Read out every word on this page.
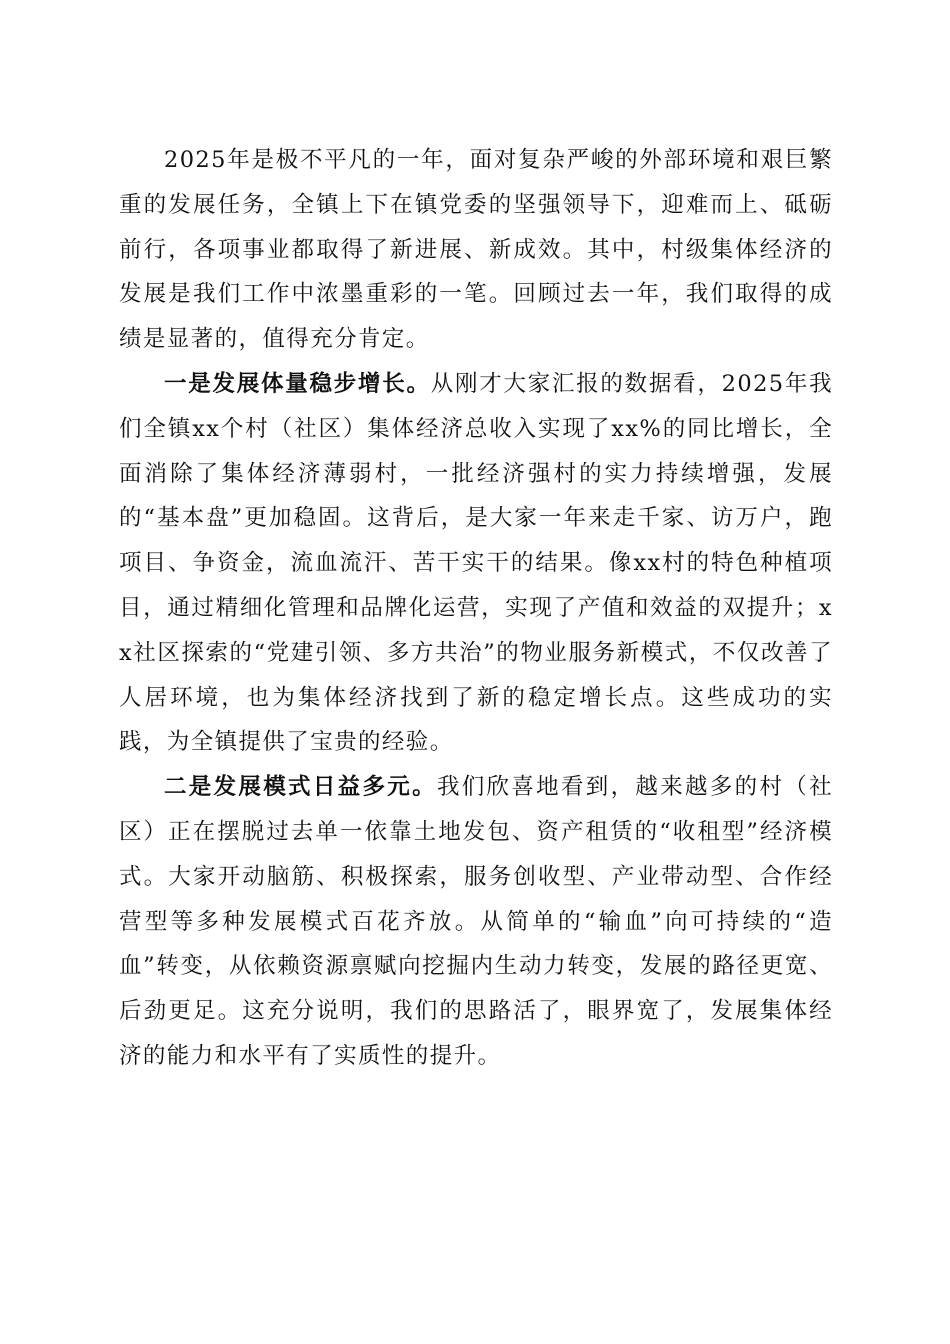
2025年是极不平凡的一年，面对复杂严峻的外部环境和艰巨繁重的发展任务，全镇上下在镇党委的坚强领导下，迎难而上、砥砺前行，各项事业都取得了新进展、新成效。其中，村级集体经济的发展是我们工作中浓墨重彩的一笔。回顾过去一年，我们取得的成绩是显著的，值得充分肯定。

一是发展体量稳步增长。从刚才大家汇报的数据看，2025年我们全镇xx个村（社区）集体经济总收入实现了xx%的同比增长，全面消除了集体经济薄弱村，一批经济强村的实力持续增强，发展的“基本盘”更加稳固。这背后，是大家一年来走千家、访万户，跑项目、争资金，流血流汗、苦干实干的结果。像xx村的特色种植项目，通过精细化管理和品牌化运营，实现了产值和效益的双提升；xx社区探索的“党建引领、多方共治”的物业服务新模式，不仅改善了人居环境，也为集体经济找到了新的稳定增长点。这些成功的实践，为全镇提供了宝贵的经验。

二是发展模式日益多元。我们欣喜地看到，越来越多的村（社区）正在摆脱过去单一依靠土地发包、资产租赁的“收租型”经济模式。大家开动脑筋、积极探索，服务创收型、产业带动型、合作经营型等多种发展模式百花齐放。从简单的“输血”向可持续的“造血”转变，从依赖资源禀赋向挖掘内生动力转变，发展的路径更宽、后劲更足。这充分说明，我们的思路活了，眼界宽了，发展集体经济的能力和水平有了实质性的提升。
